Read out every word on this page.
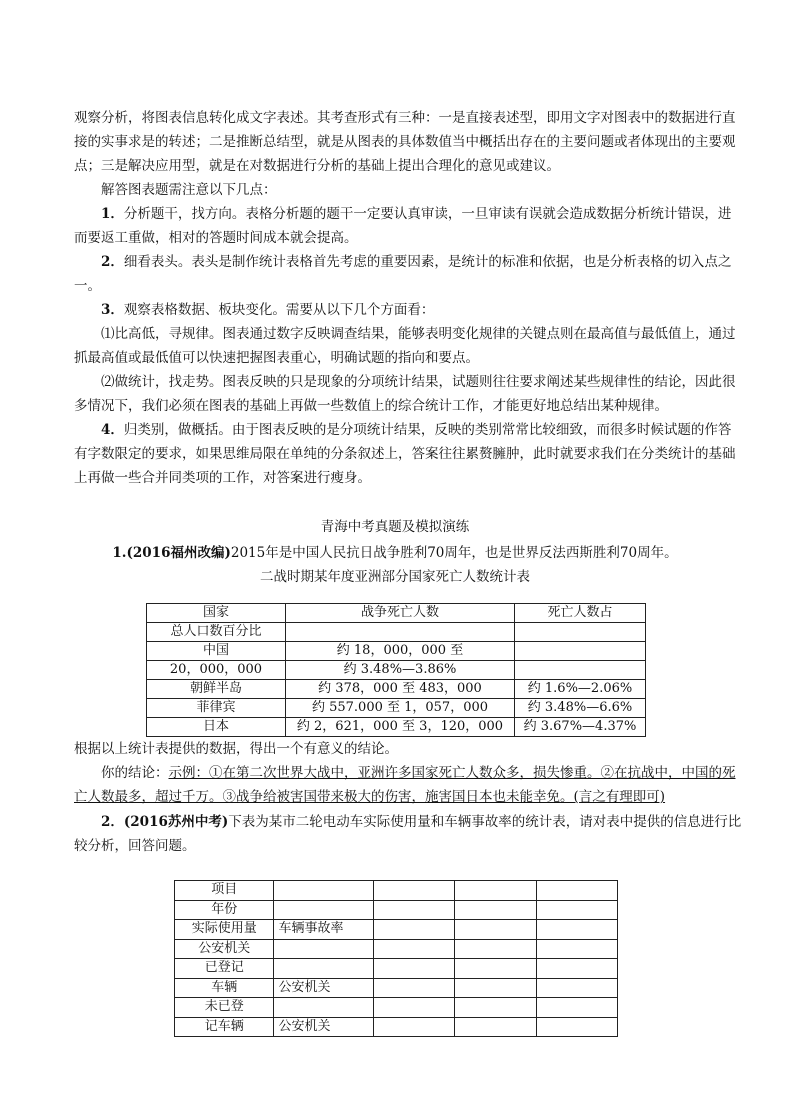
观察分析，将图表信息转化成文字表述。其考查形式有三种：一是直接表述型，即用文字对图表中的数据进行直接的实事求是的转述；二是推断总结型，就是从图表的具体数值当中概括出存在的主要问题或者体现出的主要观点；三是解决应用型，就是在对数据进行分析的基础上提出合理化的意见或建议。

解答图表题需注意以下几点：

1．分析题干，找方向。表格分析题的题干一定要认真审读，一旦审读有误就会造成数据分析统计错误，进而要返工重做，相对的答题时间成本就会提高。

2．细看表头。表头是制作统计表格首先考虑的重要因素，是统计的标准和依据，也是分析表格的切入点之一。

3．观察表格数据、板块变化。需要从以下几个方面看：

⑴比高低，寻规律。图表通过数字反映调查结果，能够表明变化规律的关键点则在最高值与最低值上，通过抓最高值或最低值可以快速把握图表重心，明确试题的指向和要点。

⑵做统计，找走势。图表反映的只是现象的分项统计结果，试题则往往要求阐述某些规律性的结论，因此很多情况下，我们必须在图表的基础上再做一些数值上的综合统计工作，才能更好地总结出某种规律。

4．归类别，做概括。由于图表反映的是分项统计结果，反映的类别常常比较细致，而很多时候试题的作答有字数限定的要求，如果思维局限在单纯的分条叙述上，答案往往累赘臃肿，此时就要求我们在分类统计的基础上再做一些合并同类项的工作，对答案进行瘦身。

青海中考真题及模拟演练

1.(2016福州改编)2015年是中国人民抗日战争胜利70周年，也是世界反法西斯胜利70周年。

二战时期某年度亚洲部分国家死亡人数统计表

国家	战争死亡人数	死亡人数占
总人口数百分比		
中国	约 18，000，000 至	
20，000，000	约 3.48%—3.86%	
朝鲜半岛	约 378，000 至 483，000	约 1.6%—2.06%
菲律宾	约 557.000 至 1，057，000	约 3.48%—6.6%
日本	约 2，621，000 至 3，120，000	约 3.67%—4.37%

根据以上统计表提供的数据，得出一个有意义的结论。

你的结论：示例：①在第二次世界大战中，亚洲许多国家死亡人数众多，损失惨重。②在抗战中，中国的死亡人数最多，超过千万。③战争给被害国带来极大的伤害，施害国日本也未能幸免。(言之有理即可)

2．(2016苏州中考)下表为某市二轮电动车实际使用量和车辆事故率的统计表，请对表中提供的信息进行比较分析，回答问题。

项目				
年份				
实际使用量	车辆事故率			
公安机关				
已登记				
车辆	公安机关			
未已登				
记车辆	公安机关			
